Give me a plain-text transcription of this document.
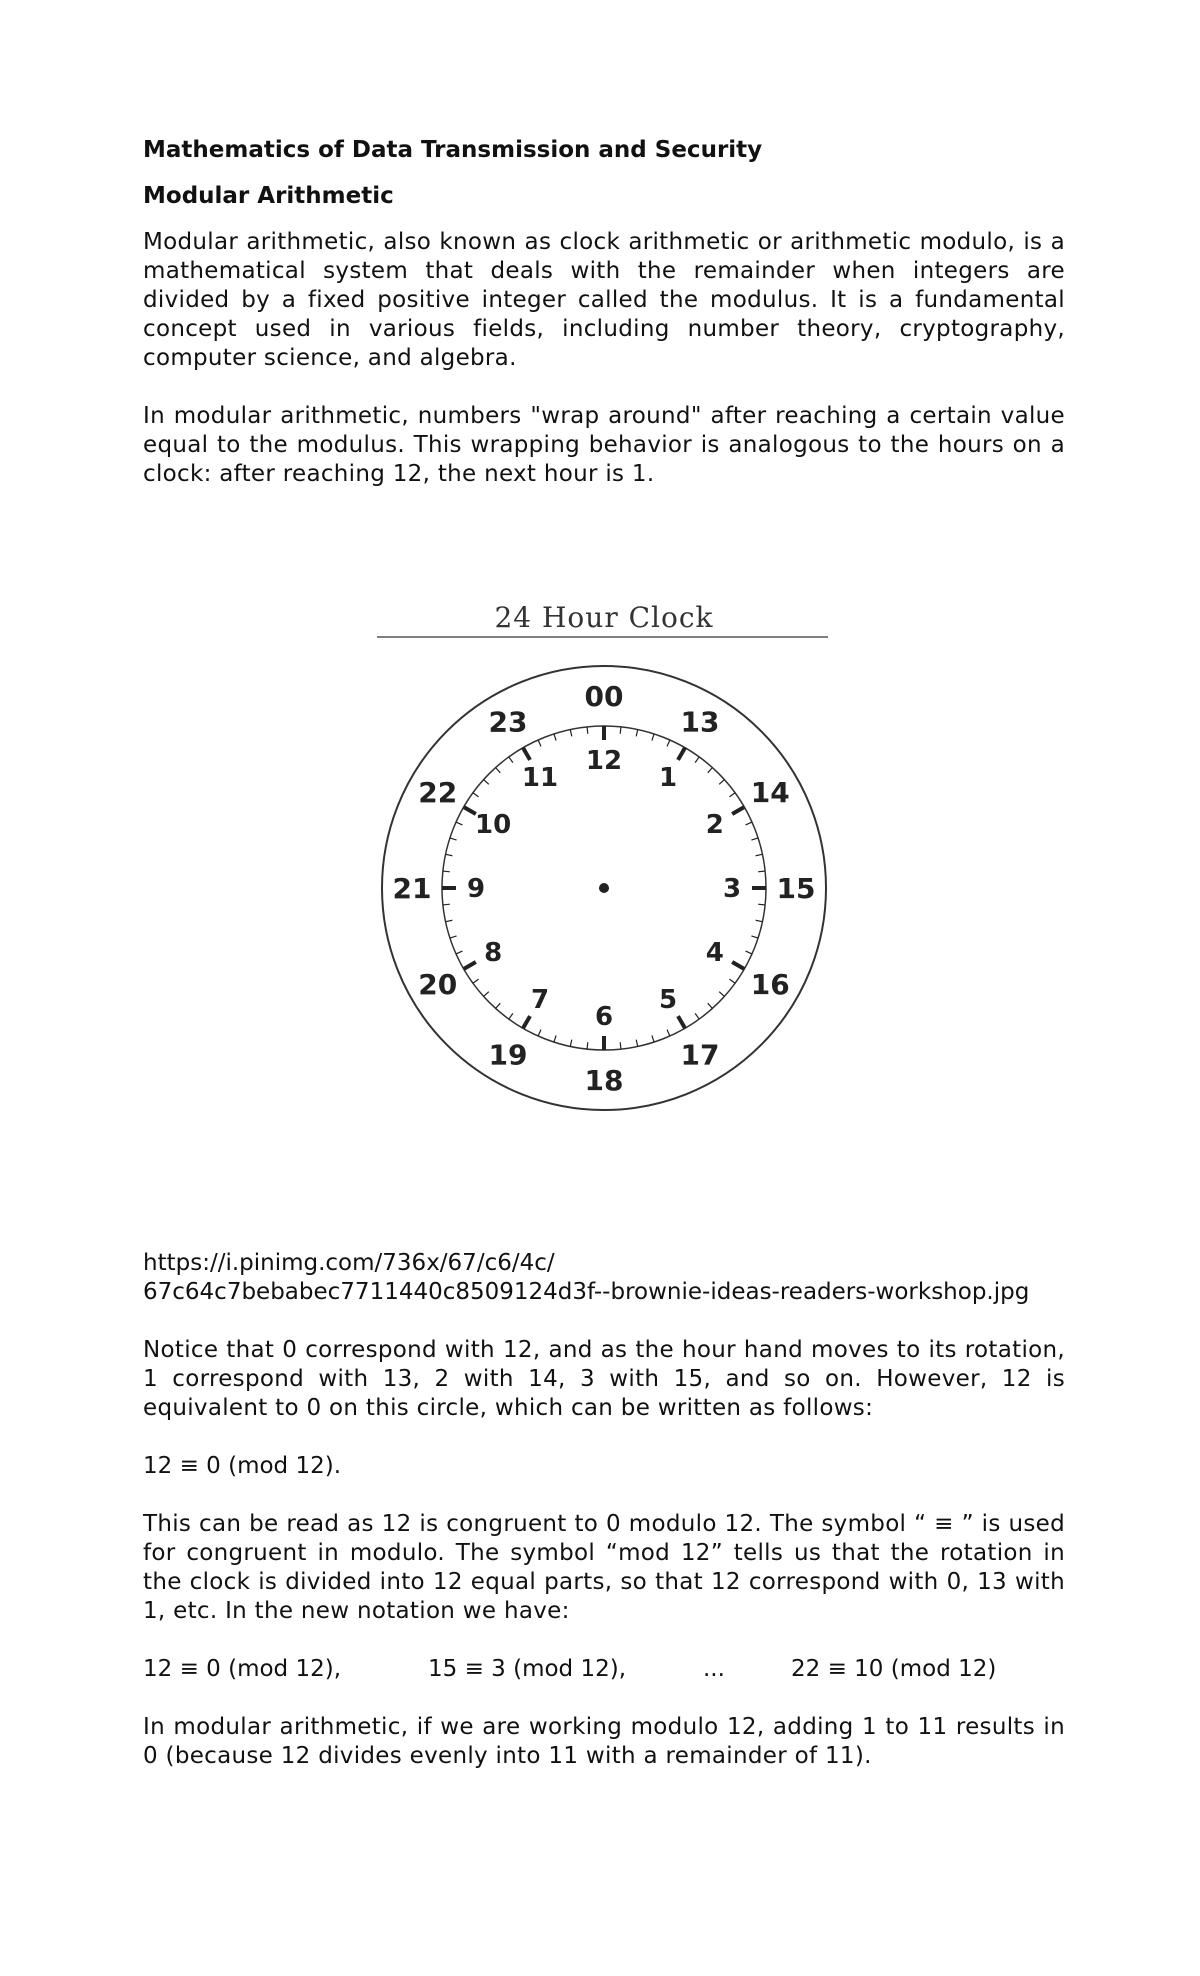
Mathematics of Data Transmission and Security

Modular Arithmetic

Modular arithmetic, also known as clock arithmetic or arithmetic modulo, is a mathematical system that deals with the remainder when integers are divided by a fixed positive integer called the modulus. It is a fundamental concept used in various fields, including number theory, cryptography, computer science, and algebra.

In modular arithmetic, numbers "wrap around" after reaching a certain value equal to the modulus. This wrapping behavior is analogous to the hours on a clock: after reaching 12, the next hour is 1.

24 Hour Clock
00
13
14
15
16
17
18
19
20
21
22
23
12
1
2
3
4
5
6
7
8
9
10
11

https://i.pinimg.com/736x/67/c6/4c/
67c64c7bebabec7711440c8509124d3f--brownie-ideas-readers-workshop.jpg

Notice that 0 correspond with 12, and as the hour hand moves to its rotation, 1 correspond with 13, 2 with 14, 3 with 15, and so on. However, 12 is equivalent to 0 on this circle, which can be written as follows:

12 ≡ 0 (mod 12).

This can be read as 12 is congruent to 0 modulo 12. The symbol “ ≡ ” is used for congruent in modulo. The symbol “mod 12” tells us that the rotation in the clock is divided into 12 equal parts, so that 12 correspond with 0, 13 with 1, etc. In the new notation we have:

12 ≡ 0 (mod 12),	15 ≡ 3 (mod 12),	...	22 ≡ 10 (mod 12)

In modular arithmetic, if we are working modulo 12, adding 1 to 11 results in 0 (because 12 divides evenly into 11 with a remainder of 11).
